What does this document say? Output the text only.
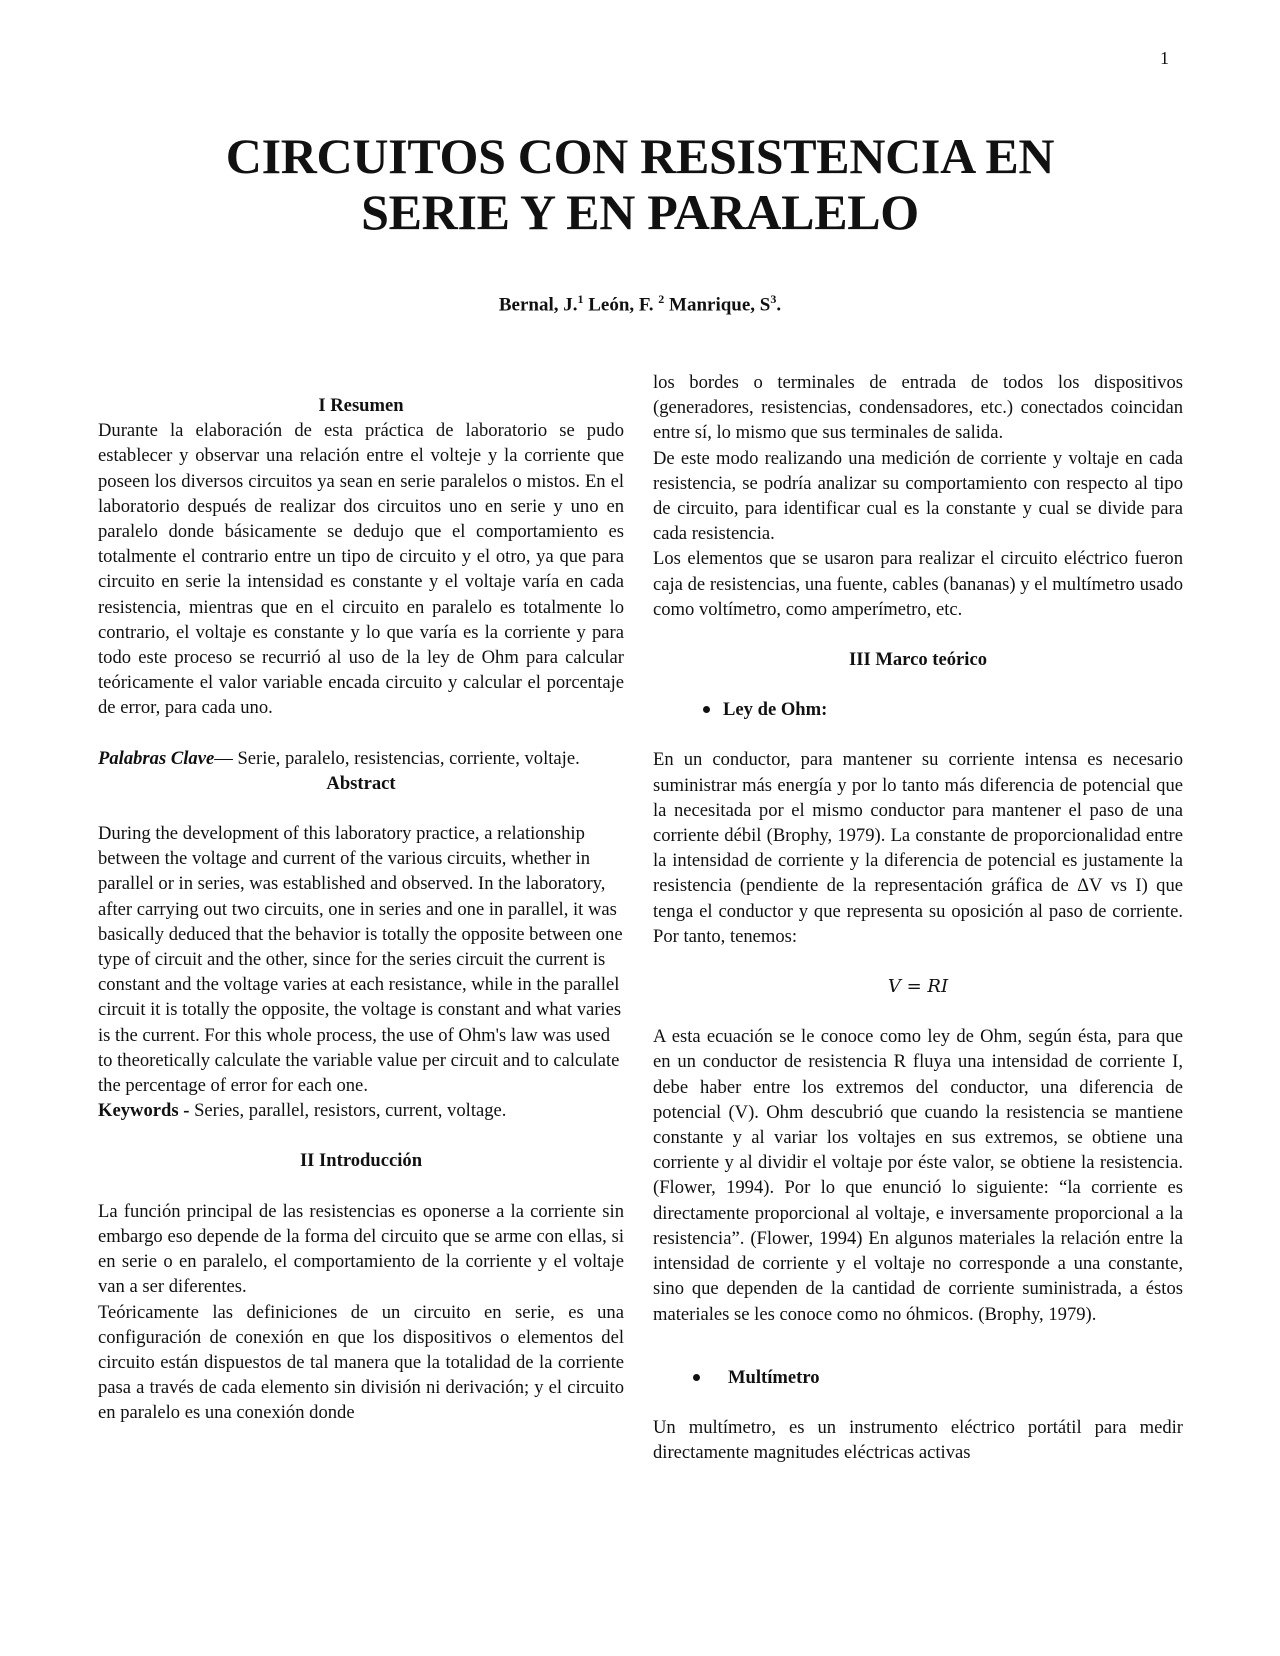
1
CIRCUITOS CON RESISTENCIA EN
SERIE Y EN PARALELO
Bernal, J.$^1$ León, F. $^2$ Manrique, $S^3$.

I Resumen

Durante la elaboración de esta práctica de laboratorio se pudo establecer y observar una relación entre el volteje y la corriente que poseen los diversos circuitos ya sean en serie paralelos o mistos. En el laboratorio después de realizar dos circuitos uno en serie y uno en paralelo donde básicamente se dedujo que el comportamiento es totalmente el contrario entre un tipo de circuito y el otro, ya que para circuito en serie la intensidad es constante y el voltaje varía en cada resistencia, mientras que en el circuito en paralelo es totalmente lo contrario, el voltaje es constante y lo que varía es la corriente y para todo este proceso se recurrió al uso de la ley de Ohm para calcular teóricamente el valor variable encada circuito y calcular el porcentaje de error, para cada uno.

Palabras Clave— Serie, paralelo, resistencias, corriente, voltaje.

Abstract

During the development of this laboratory practice, a relationship between the voltage and current of the various circuits, whether in parallel or in series, was established and observed. In the laboratory, after carrying out two circuits, one in series and one in parallel, it was basically deduced that the behavior is totally the opposite between one type of circuit and the other, since for the series circuit the current is constant and the voltage varies at each resistance, while in the parallel circuit it is totally the opposite, the voltage is constant and what varies is the current. For this whole process, the use of Ohm's law was used to theoretically calculate the variable value per circuit and to calculate the percentage of error for each one.

Keywords - Series, parallel, resistors, current, voltage.

II Introducción

La función principal de las resistencias es oponerse a la corriente sin embargo eso depende de la forma del circuito que se arme con ellas, si en serie o en paralelo, el comportamiento de la corriente y el voltaje van a ser diferentes.

Teóricamente las definiciones de un circuito en serie, es una configuración de conexión en que los dispositivos o elementos del circuito están dispuestos de tal manera que la totalidad de la corriente pasa a través de cada elemento sin división ni derivación; y el circuito en paralelo es una conexión donde

los bordes o terminales de entrada de todos los dispositivos (generadores, resistencias, condensadores, etc.) conectados coincidan entre sí, lo mismo que sus terminales de salida.

De este modo realizando una medición de corriente y voltaje en cada resistencia, se podría analizar su comportamiento con respecto al tipo de circuito, para identificar cual es la constante y cual se divide para cada resistencia.

Los elementos que se usaron para realizar el circuito eléctrico fueron caja de resistencias, una fuente, cables (bananas) y el multímetro usado como voltímetro, como amperímetro, etc.

III Marco teórico

Ley de Ohm:

En un conductor, para mantener su corriente intensa es necesario suministrar más energía y por lo tanto más diferencia de potencial que la necesitada por el mismo conductor para mantener el paso de una corriente débil (Brophy, 1979). La constante de proporcionalidad entre la intensidad de corriente y la diferencia de potencial es justamente la resistencia (pendiente de la representación gráfica de ΔV vs I) que tenga el conductor y que representa su oposición al paso de corriente. Por tanto, tenemos:

V = RI

A esta ecuación se le conoce como ley de Ohm, según ésta, para que en un conductor de resistencia R fluya una intensidad de corriente I, debe haber entre los extremos del conductor, una diferencia de potencial (V). Ohm descubrió que cuando la resistencia se mantiene constante y al variar los voltajes en sus extremos, se obtiene una corriente y al dividir el voltaje por éste valor, se obtiene la resistencia. (Flower, 1994). Por lo que enunció lo siguiente: “la corriente es directamente proporcional al voltaje, e inversamente proporcional a la resistencia”. (Flower, 1994) En algunos materiales la relación entre la intensidad de corriente y el voltaje no corresponde a una constante, sino que dependen de la cantidad de corriente suministrada, a éstos materiales se les conoce como no óhmicos. (Brophy, 1979).

Multímetro

Un multímetro, es un instrumento eléctrico portátil para medir directamente magnitudes eléctricas activas
